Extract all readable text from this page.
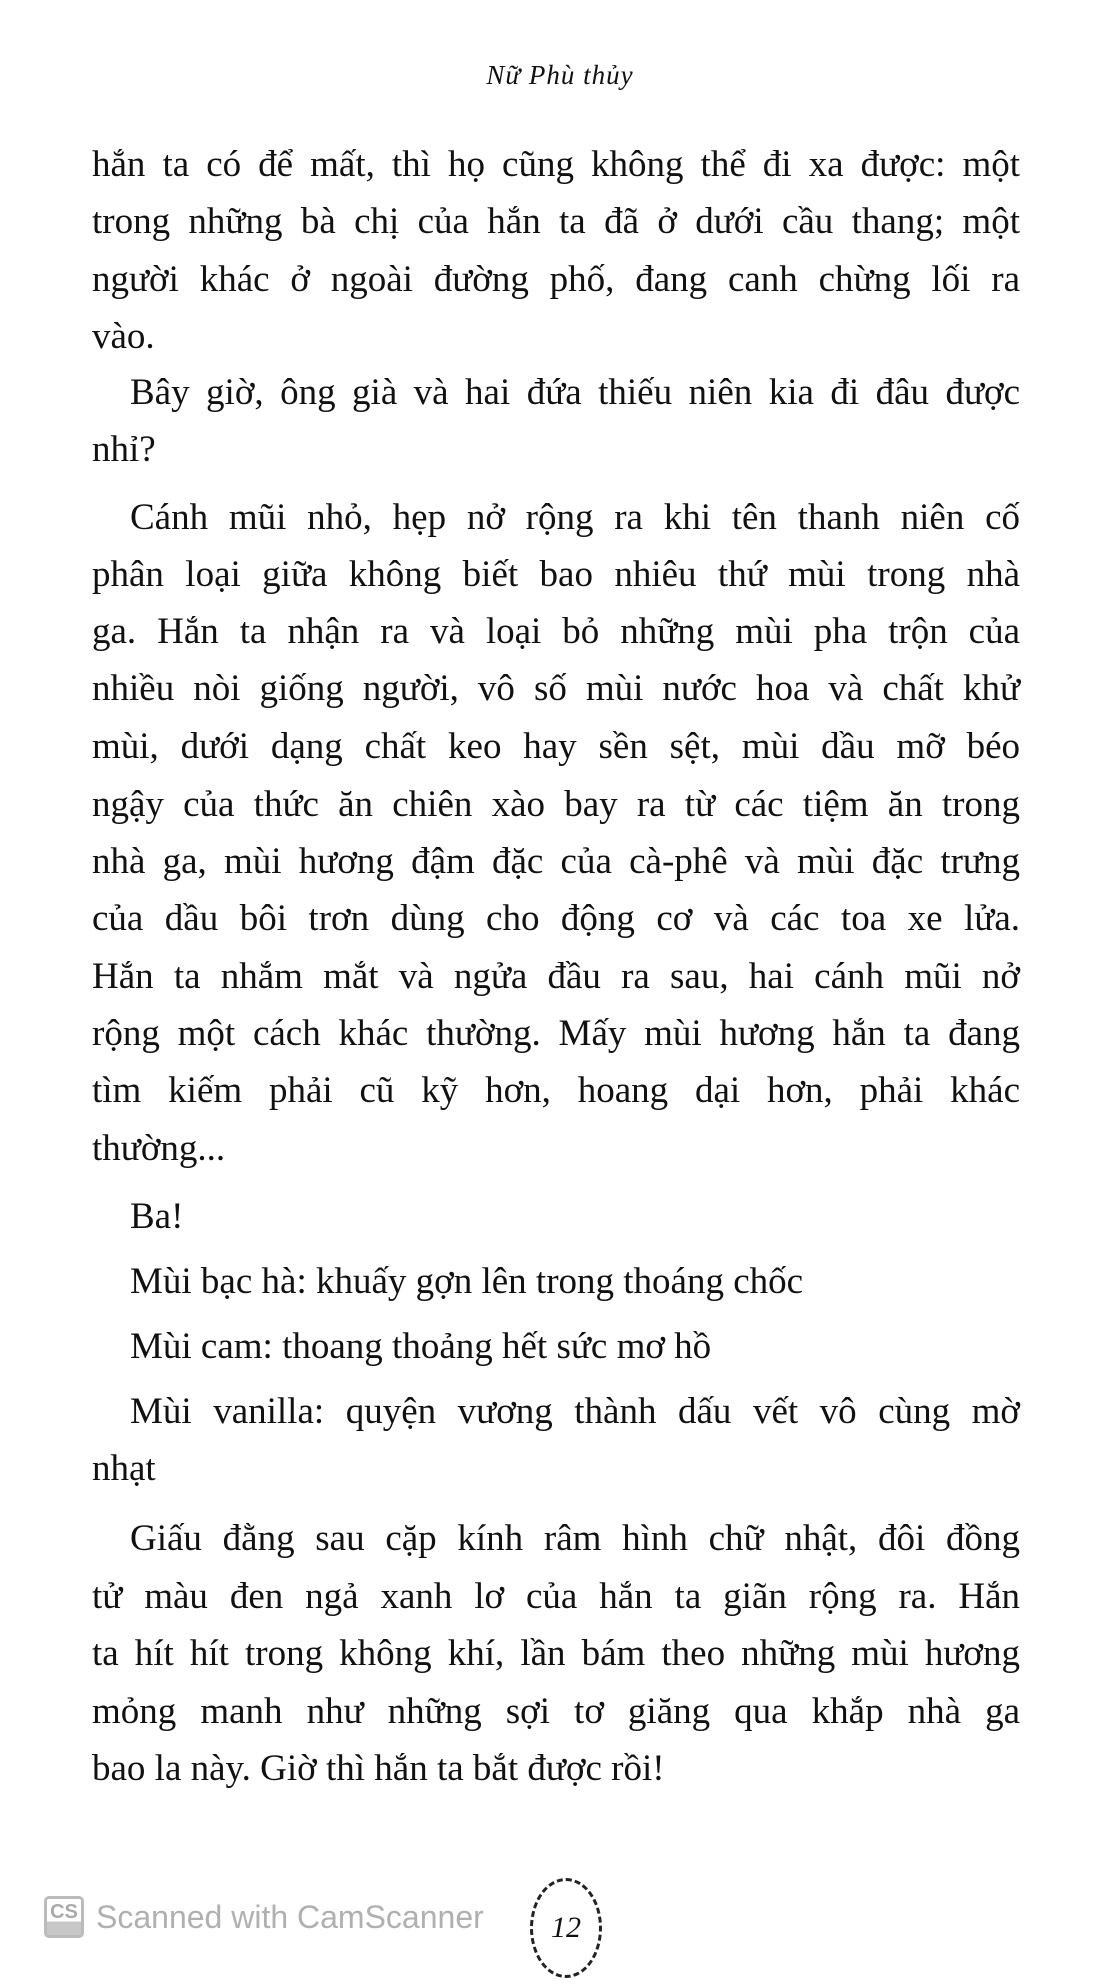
Nữ Phù thủy
hắn ta có để mất, thì họ cũng không thể đi xa được: một
trong những bà chị của hắn ta đã ở dưới cầu thang; một
người khác ở ngoài đường phố, đang canh chừng lối ra
vào.
Bây giờ, ông già và hai đứa thiếu niên kia đi đâu được
nhỉ?
Cánh mũi nhỏ, hẹp nở rộng ra khi tên thanh niên cố
phân loại giữa không biết bao nhiêu thứ mùi trong nhà
ga. Hắn ta nhận ra và loại bỏ những mùi pha trộn của
nhiều nòi giống người, vô số mùi nước hoa và chất khử
mùi, dưới dạng chất keo hay sền sệt, mùi dầu mỡ béo
ngậy của thức ăn chiên xào bay ra từ các tiệm ăn trong
nhà ga, mùi hương đậm đặc của cà-phê và mùi đặc trưng
của dầu bôi trơn dùng cho động cơ và các toa xe lửa.
Hắn ta nhắm mắt và ngửa đầu ra sau, hai cánh mũi nở
rộng một cách khác thường. Mấy mùi hương hắn ta đang
tìm kiếm phải cũ kỹ hơn, hoang dại hơn, phải khác
thường...
Ba!
Mùi bạc hà: khuấy gợn lên trong thoáng chốc
Mùi cam: thoang thoảng hết sức mơ hồ
Mùi vanilla: quyện vương thành dấu vết vô cùng mờ
nhạt
Giấu đằng sau cặp kính râm hình chữ nhật, đôi đồng
tử màu đen ngả xanh lơ của hắn ta giãn rộng ra. Hắn
ta hít hít trong không khí, lần bám theo những mùi hương
mỏng manh như những sợi tơ giăng qua khắp nhà ga
bao la này. Giờ thì hắn ta bắt được rồi!
CS Scanned with CamScanner	12
